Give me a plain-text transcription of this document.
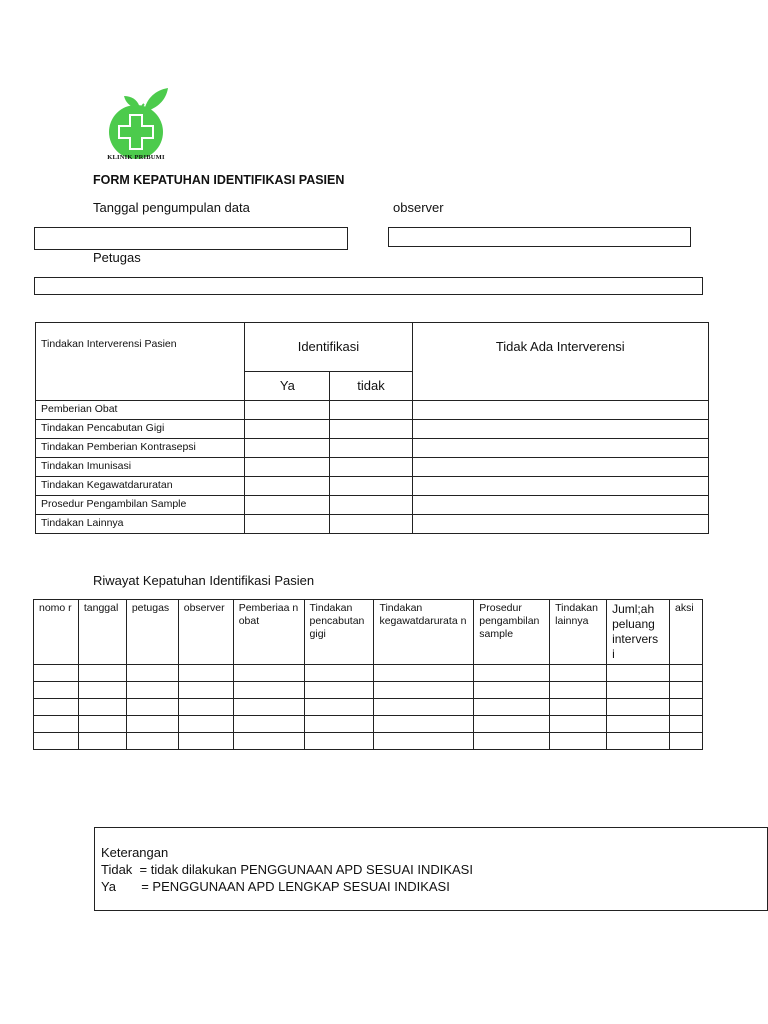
KLINIK PRIBUMI
FORM KEPATUHAN IDENTIFIKASI PASIEN
Tanggal pengumpulan data	observer
Petugas
Tindakan Interverensi Pasien	Identifikasi		Tidak Ada Interverensi
	Ya	tidak	
Pemberian Obat			
Tindakan Pencabutan Gigi			
Tindakan Pemberian Kontrasepsi			
Tindakan Imunisasi			
Tindakan Kegawatdaruratan			
Prosedur Pengambilan Sample			
Tindakan Lainnya			
Riwayat Kepatuhan Identifikasi Pasien
nomo r	tanggal	petugas	observer	Pemberiaa n obat	Tindakan pencabutan gigi	Tindakan kegawatdarurata n	Prosedur pengambilan sample	Tindakan lainnya	Juml;ah peluang intervers i	aksi

Keterangan
Tidak  = tidak dilakukan PENGGUNAAN APD SESUAI INDIKASI
Ya       = PENGGUNAAN APD LENGKAP SESUAI INDIKASI
